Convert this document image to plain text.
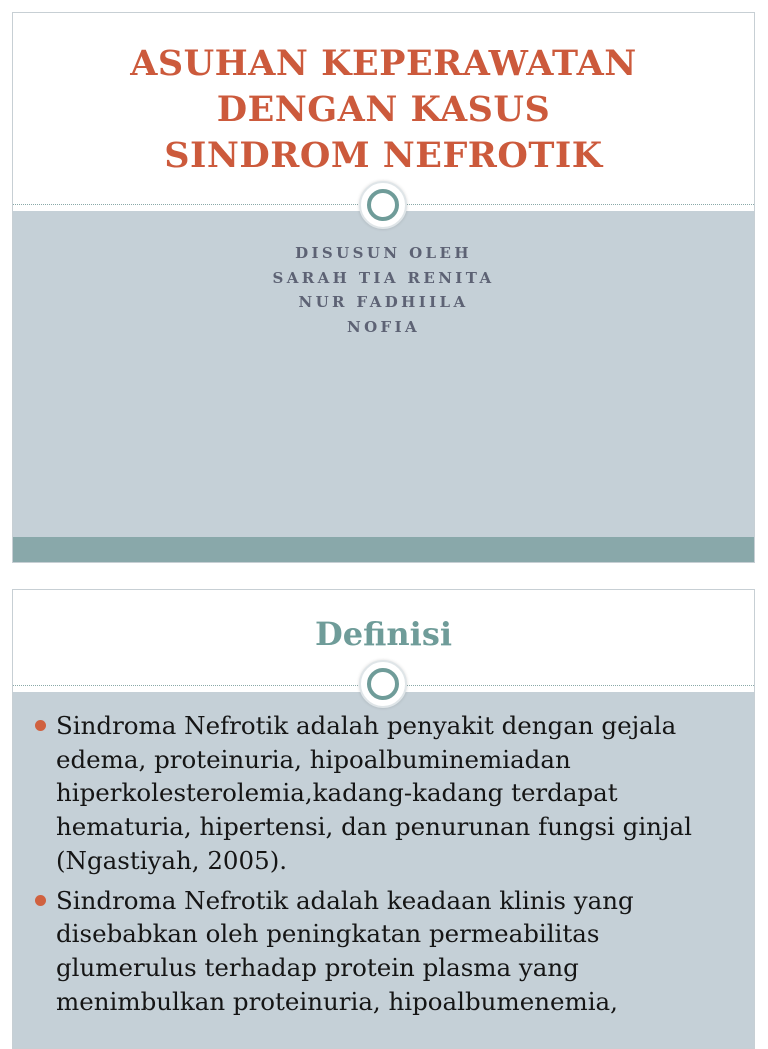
ASUHAN KEPERAWATAN
DENGAN KASUS
SINDROM NEFROTIK
DISUSUN OLEH
SARAH TIA RENITA
NUR FADHIILA
NOFIA
Definisi
Sindroma Nefrotik adalah penyakit dengan gejala edema, proteinuria, hipoalbuminemiadan hiperkolesterolemia,kadang-kadang terdapat hematuria, hipertensi, dan penurunan fungsi ginjal (Ngastiyah, 2005).
Sindroma Nefrotik adalah keadaan klinis yang disebabkan oleh peningkatan permeabilitas glumerulus terhadap protein plasma yang menimbulkan proteinuria, hipoalbumenemia,
